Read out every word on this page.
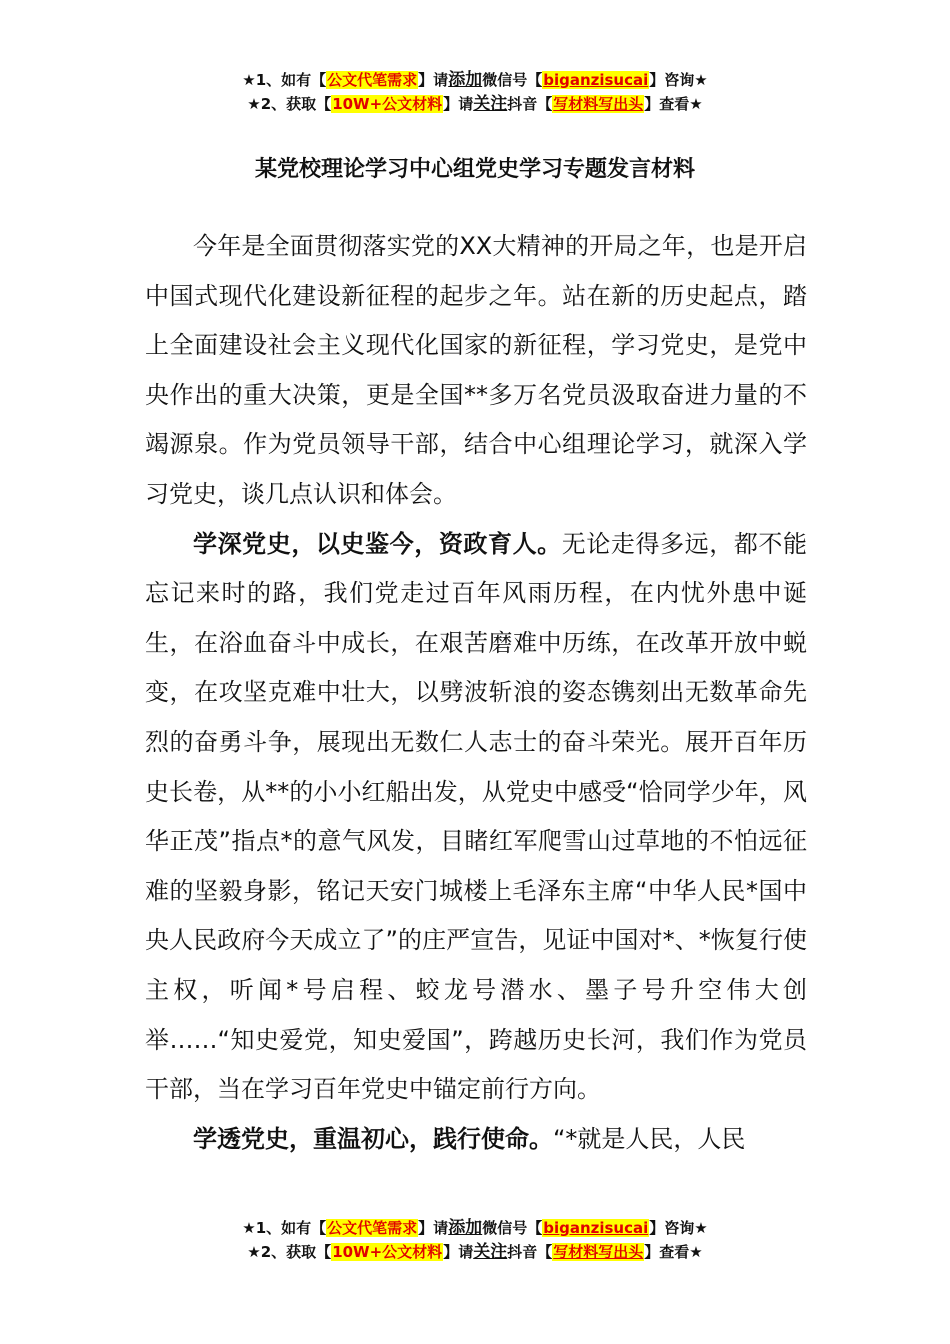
★1、如有【公文代笔需求】请添加微信号【biganzisucai】咨询★
★2、获取【10W+公文材料】请关注抖音【写材料写出头】查看★
某党校理论学习中心组党史学习专题发言材料

今年是全面贯彻落实党的XX大精神的开局之年，也是开启中国式现代化建设新征程的起步之年。站在新的历史起点，踏上全面建设社会主义现代化国家的新征程，学习党史，是党中央作出的重大决策，更是全国**多万名党员汲取奋进力量的不竭源泉。作为党员领导干部，结合中心组理论学习，就深入学习党史，谈几点认识和体会。

学深党史，以史鉴今，资政育人。无论走得多远，都不能忘记来时的路，我们党走过百年风雨历程，在内忧外患中诞生，在浴血奋斗中成长，在艰苦磨难中历练，在改革开放中蜕变，在攻坚克难中壮大，以劈波斩浪的姿态镌刻出无数革命先烈的奋勇斗争，展现出无数仁人志士的奋斗荣光。展开百年历史长卷，从**的小小红船出发，从党史中感受“恰同学少年，风华正茂”指点*的意气风发，目睹红军爬雪山过草地的不怕远征难的坚毅身影，铭记天安门城楼上毛泽东主席“中华人民*国中央人民政府今天成立了”的庄严宣告，见证中国对*、*恢复行使主权，听闻*号启程、蛟龙号潜水、墨子号升空伟大创举……“知史爱党，知史爱国”，跨越历史长河，我们作为党员干部，当在学习百年党史中锚定前行方向。

学透党史，重温初心，践行使命。“*就是人民，人民

★1、如有【公文代笔需求】请添加微信号【biganzisucai】咨询★
★2、获取【10W+公文材料】请关注抖音【写材料写出头】查看★
